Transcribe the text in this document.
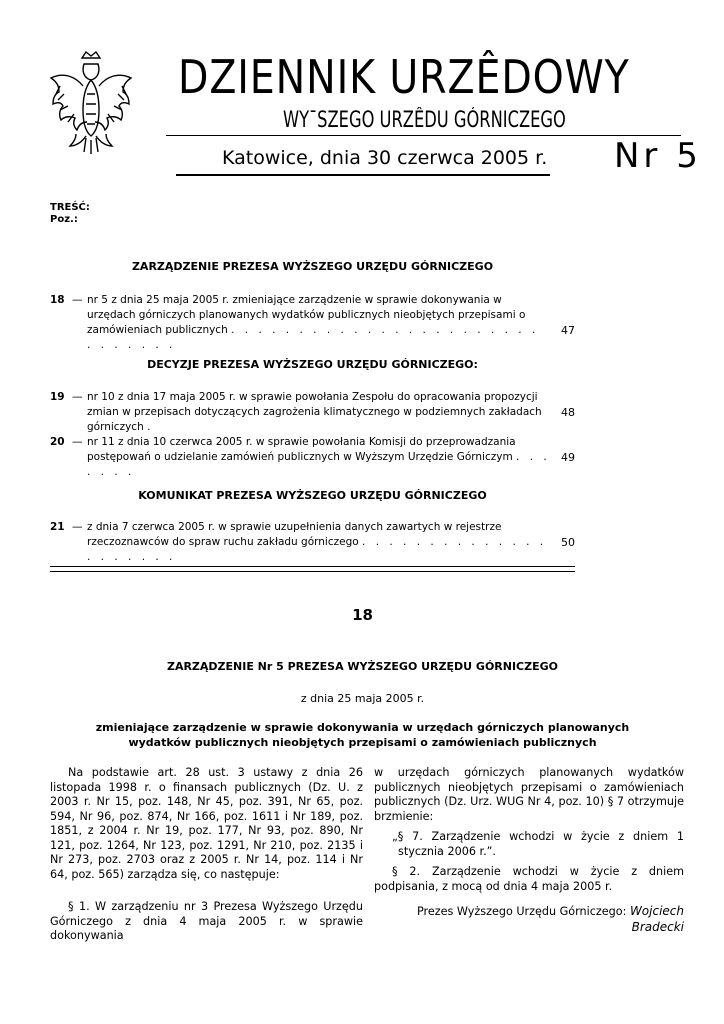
DZIENNIK URZÊDOWY
WY¯SZEGO URZÊDU GÓRNICZEGO
Katowice, dnia 30 czerwca 2005 r. Nr 5
TREŚĆ:
Poz.:
ZARZĄDZENIE PREZESA WYŻSZEGO URZĘDU GÓRNICZEGO
18 — nr 5 z dnia 25 maja 2005 r. zmieniające zarządzenie w sprawie dokonywania w urzędach górniczych planowanych wydatków publicznych nieobjętych przepisami o zamówieniach publicznych . . . . . . . . . . . . . . . . . . . . . . . . . . . . . .
47
DECYZJE PREZESA WYŻSZEGO URZĘDU GÓRNICZEGO:
19 — nr 10 z dnia 17 maja 2005 r. w sprawie powołania Zespołu do opracowania propozycji zmian w przepisach dotyczących zagrożenia klimatycznego w podziemnych zakładach górniczych .
48
20 — nr 11 z dnia 10 czerwca 2005 r. w sprawie powołania Komisji do przeprowadzania postępowań o udzielanie zamówień publicznych w Wyższym Urzędzie Górniczym . . . . . . .
49
KOMUNIKAT PREZESA WYŻSZEGO URZĘDU GÓRNICZEGO
21 — z dnia 7 czerwca 2005 r. w sprawie uzupełnienia danych zawartych w rejestrze rzeczoznawców do spraw ruchu zakładu górniczego . . . . . . . . . . . . . . . . . . . . .
50
18
ZARZĄDZENIE Nr 5 PREZESA WYŻSZEGO URZĘDU GÓRNICZEGO
z dnia 25 maja 2005 r.
zmieniające zarządzenie w sprawie dokonywania w urzędach górniczych planowanych wydatków publicznych nieobjętych przepisami o zamówieniach publicznych

Na podstawie art. 28 ust. 3 ustawy z dnia 26 listopada 1998 r. o finansach publicznych (Dz. U. z 2003 r. Nr 15, poz. 148, Nr 45, poz. 391, Nr 65, poz. 594, Nr 96, poz. 874, Nr 166, poz. 1611 i Nr 189, poz. 1851, z 2004 r. Nr 19, poz. 177, Nr 93, poz. 890, Nr 121, poz. 1264, Nr 123, poz. 1291, Nr 210, poz. 2135 i Nr 273, poz. 2703 oraz z 2005 r. Nr 14, poz. 114 i Nr 64, poz. 565) zarządza się, co następuje:

§ 1. W zarządzeniu nr 3 Prezesa Wyższego Urzędu Górniczego z dnia 4 maja 2005 r. w sprawie dokonywania

w urzędach górniczych planowanych wydatków publicznych nieobjętych przepisami o zamówieniach publicznych (Dz. Urz. WUG Nr 4, poz. 10) § 7 otrzymuje brzmienie:

„§ 7. Zarządzenie wchodzi w życie z dniem 1 stycznia 2006 r.”.

§ 2. Zarządzenie wchodzi w życie z dniem podpisania, z mocą od dnia 4 maja 2005 r.

Prezes Wyższego Urzędu Górniczego: Wojciech Bradecki
